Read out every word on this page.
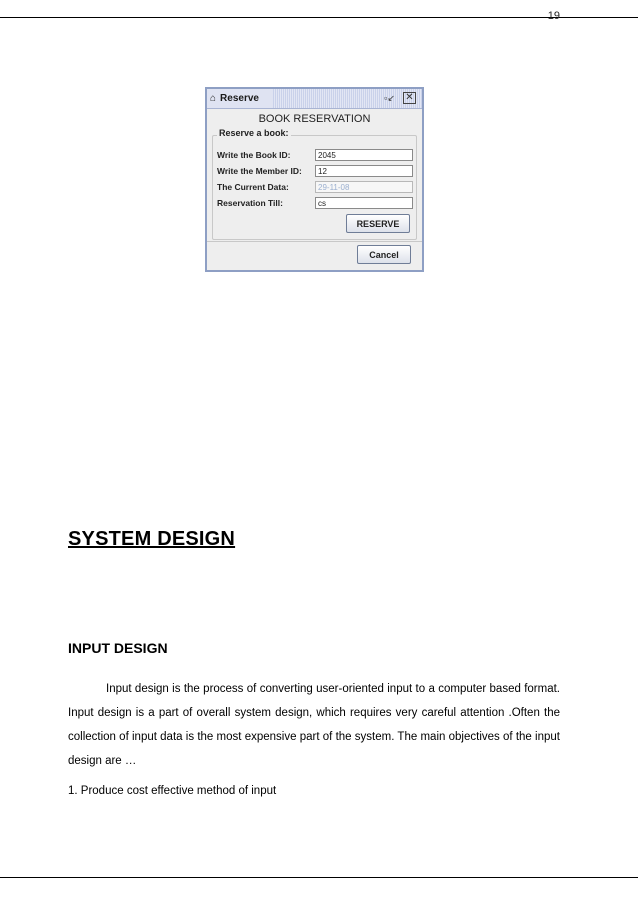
19
⌂ Reserve	▫↙ ✕
BOOK RESERVATION
Reserve a book:
Write the Book ID:
2045
Write the Member ID:
12
The Current Data:
29-11-08
Reservation Till:
cs
RESERVE
Cancel
SYSTEM DESIGN
INPUT DESIGN

Input design is the process of converting user-oriented input to a computer based format. Input design is a part of overall system design, which requires very careful attention .Often the collection of input data is the most expensive part of the system. The main objectives of the input design are …

1. Produce cost effective method of input
